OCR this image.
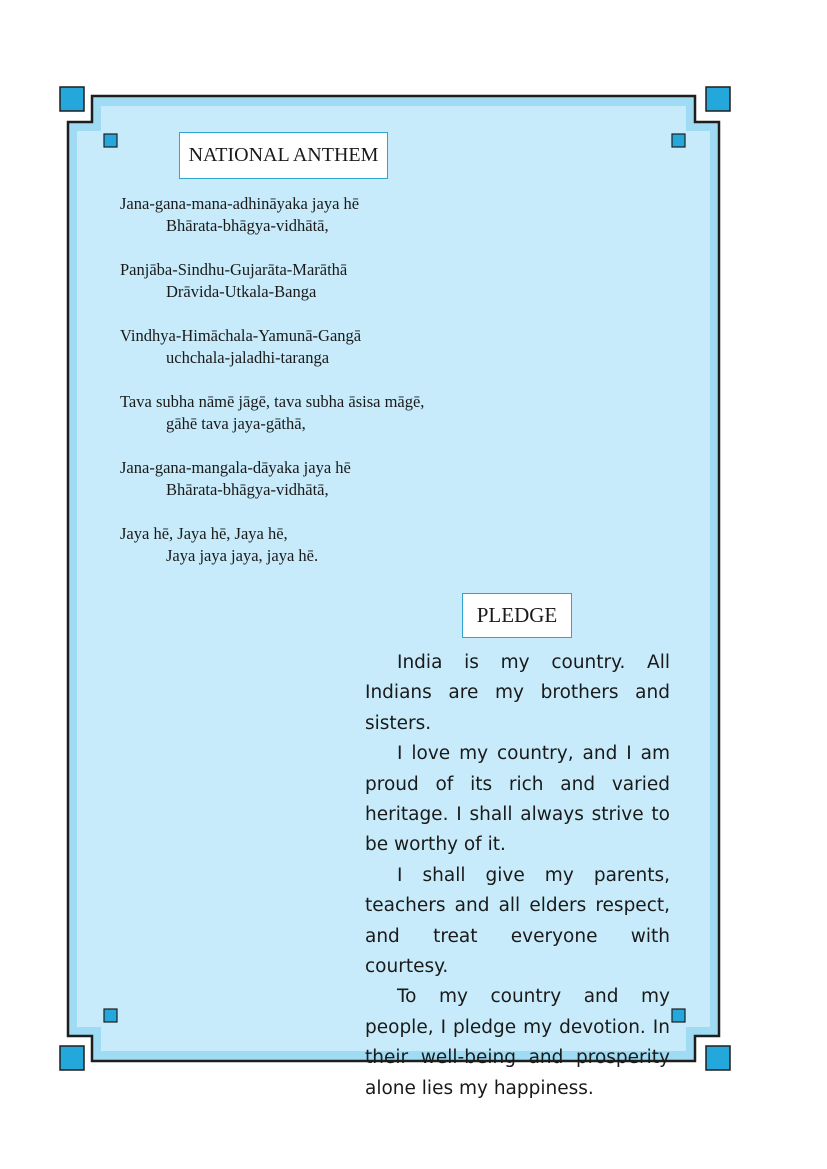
NATIONAL ANTHEM
Jana-gana-mana-adhināyaka jaya hē
Bhārata-bhāgya-vidhātā,
Panjāba-Sindhu-Gujarāta-Marāthā
Drāvida-Utkala-Banga
Vindhya-Himāchala-Yamunā-Gangā
uchchala-jaladhi-taranga
Tava subha nāmē jāgē, tava subha āsisa māgē,
gāhē tava jaya-gāthā,
Jana-gana-mangala-dāyaka jaya hē
Bhārata-bhāgya-vidhātā,
Jaya hē, Jaya hē, Jaya hē,
Jaya jaya jaya, jaya hē.
PLEDGE

India is my country. All Indians are my brothers and sisters.

I love my country, and I am proud of its rich and varied heritage. I shall always strive to be worthy of it.

I shall give my parents, teachers and all elders respect, and treat everyone with courtesy.

To my country and my people, I pledge my devotion. In their well-being and prosperity alone lies my happiness.
